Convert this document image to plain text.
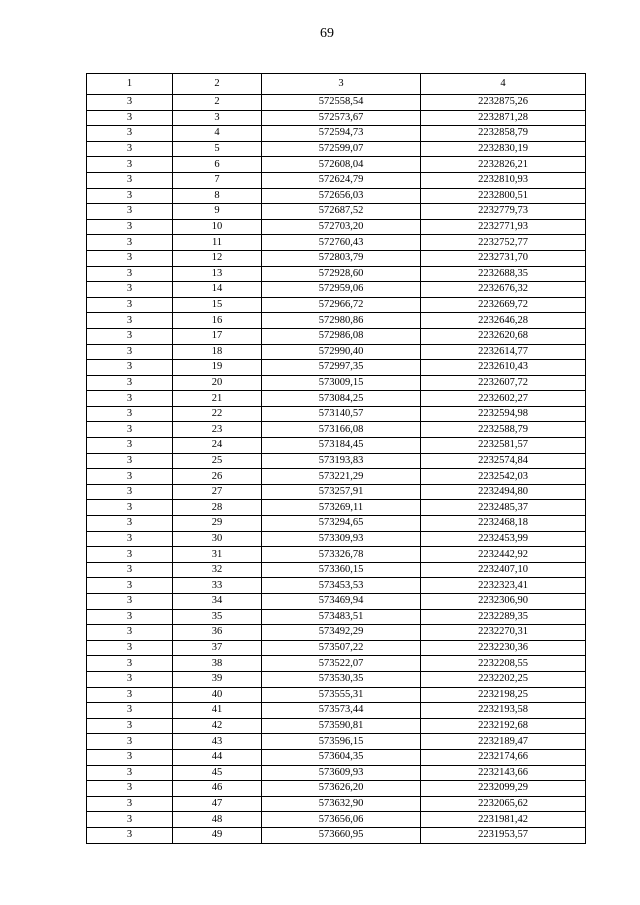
69
1	2	3	4
3	2	572558,54	2232875,26
3	3	572573,67	2232871,28
3	4	572594,73	2232858,79
3	5	572599,07	2232830,19
3	6	572608,04	2232826,21
3	7	572624,79	2232810,93
3	8	572656,03	2232800,51
3	9	572687,52	2232779,73
3	10	572703,20	2232771,93
3	11	572760,43	2232752,77
3	12	572803,79	2232731,70
3	13	572928,60	2232688,35
3	14	572959,06	2232676,32
3	15	572966,72	2232669,72
3	16	572980,86	2232646,28
3	17	572986,08	2232620,68
3	18	572990,40	2232614,77
3	19	572997,35	2232610,43
3	20	573009,15	2232607,72
3	21	573084,25	2232602,27
3	22	573140,57	2232594,98
3	23	573166,08	2232588,79
3	24	573184,45	2232581,57
3	25	573193,83	2232574,84
3	26	573221,29	2232542,03
3	27	573257,91	2232494,80
3	28	573269,11	2232485,37
3	29	573294,65	2232468,18
3	30	573309,93	2232453,99
3	31	573326,78	2232442,92
3	32	573360,15	2232407,10
3	33	573453,53	2232323,41
3	34	573469,94	2232306,90
3	35	573483,51	2232289,35
3	36	573492,29	2232270,31
3	37	573507,22	2232230,36
3	38	573522,07	2232208,55
3	39	573530,35	2232202,25
3	40	573555,31	2232198,25
3	41	573573,44	2232193,58
3	42	573590,81	2232192,68
3	43	573596,15	2232189,47
3	44	573604,35	2232174,66
3	45	573609,93	2232143,66
3	46	573626,20	2232099,29
3	47	573632,90	2232065,62
3	48	573656,06	2231981,42
3	49	573660,95	2231953,57
